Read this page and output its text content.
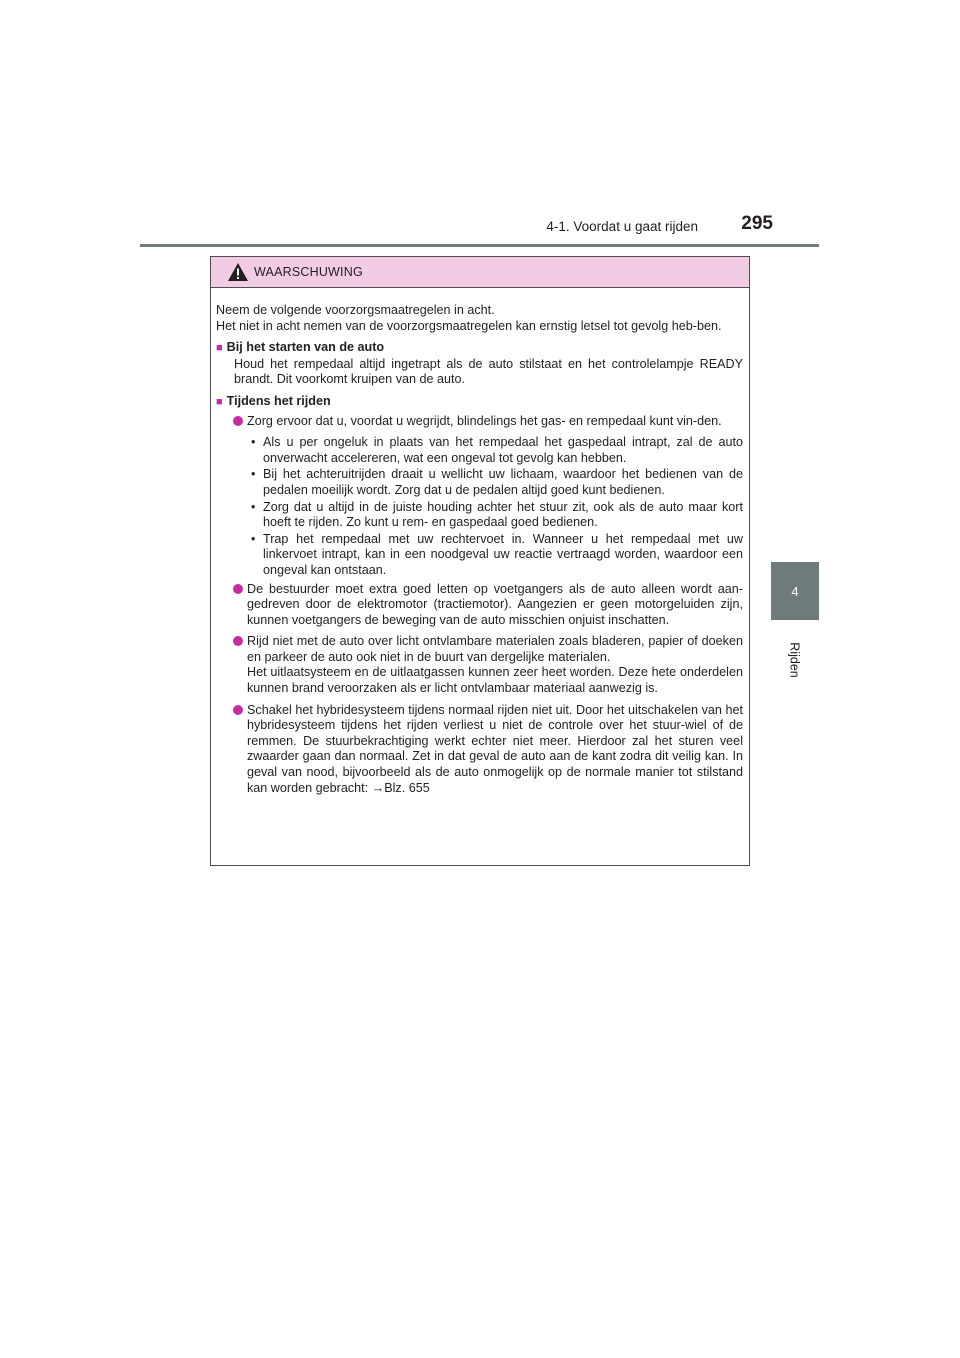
4-1. Voordat u gaat rijden	295
4
Rijden
WAARSCHUWING

Neem de volgende voorzorgsmaatregelen in acht.

Het niet in acht nemen van de voorzorgsmaatregelen kan ernstig letsel tot gevolg heb-ben.

■ Bij het starten van de auto

Houd het rempedaal altijd ingetrapt als de auto stilstaat en het controlelampje READY brandt. Dit voorkomt kruipen van de auto.

■ Tijdens het rijden

Zorg ervoor dat u, voordat u wegrijdt, blindelings het gas- en rempedaal kunt vin-den.

• Als u per ongeluk in plaats van het rempedaal het gaspedaal intrapt, zal de auto onverwacht accelereren, wat een ongeval tot gevolg kan hebben.
• Bij het achteruitrijden draait u wellicht uw lichaam, waardoor het bedienen van de pedalen moeilijk wordt. Zorg dat u de pedalen altijd goed kunt bedienen.
• Zorg dat u altijd in de juiste houding achter het stuur zit, ook als de auto maar kort hoeft te rijden. Zo kunt u rem- en gaspedaal goed bedienen.
• Trap het rempedaal met uw rechtervoet in. Wanneer u het rempedaal met uw linkervoet intrapt, kan in een noodgeval uw reactie vertraagd worden, waardoor een ongeval kan ontstaan.

De bestuurder moet extra goed letten op voetgangers als de auto alleen wordt aan-gedreven door de elektromotor (tractiemotor). Aangezien er geen motorgeluiden zijn, kunnen voetgangers de beweging van de auto misschien onjuist inschatten.

Rijd niet met de auto over licht ontvlambare materialen zoals bladeren, papier of doeken en parkeer de auto ook niet in de buurt van dergelijke materialen.

Het uitlaatsysteem en de uitlaatgassen kunnen zeer heet worden. Deze hete onderdelen kunnen brand veroorzaken als er licht ontvlambaar materiaal aanwezig is.

Schakel het hybridesysteem tijdens normaal rijden niet uit. Door het uitschakelen van het hybridesysteem tijdens het rijden verliest u niet de controle over het stuur-wiel of de remmen. De stuurbekrachtiging werkt echter niet meer. Hierdoor zal het sturen veel zwaarder gaan dan normaal. Zet in dat geval de auto aan de kant zodra dit veilig kan. In geval van nood, bijvoorbeeld als de auto onmogelijk op de normale manier tot stilstand kan worden gebracht: →Blz. 655
